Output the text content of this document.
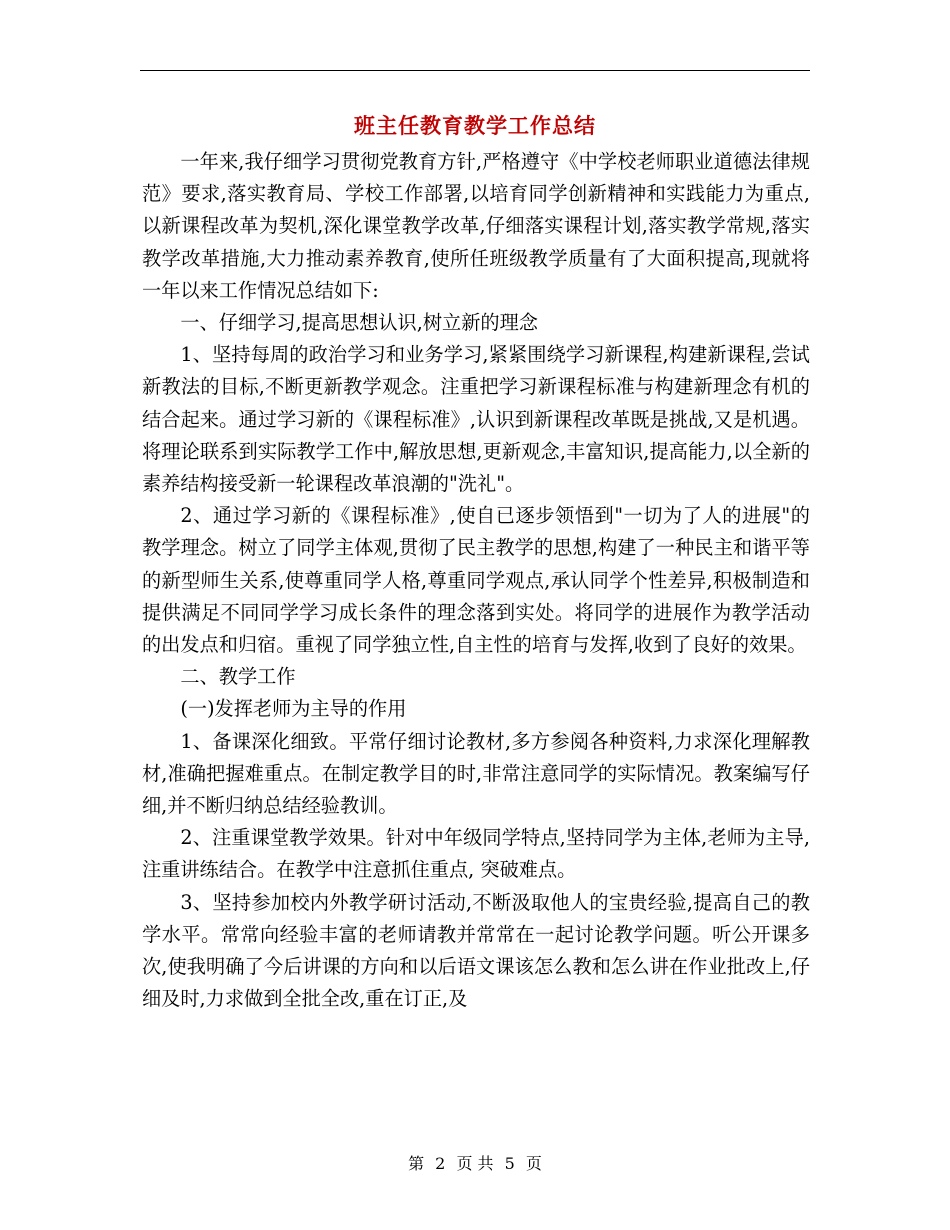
班主任教育教学工作总结

一年来,我仔细学习贯彻党教育方针,严格遵守《中学校老师职业道德法律规范》要求,落实教育局、学校工作部署,以培育同学创新精神和实践能力为重点,以新课程改革为契机,深化课堂教学改革,仔细落实课程计划,落实教学常规,落实教学改革措施,大力推动素养教育,使所任班级教学质量有了大面积提高,现就将一年以来工作情况总结如下:

一、仔细学习,提高思想认识,树立新的理念

1、坚持每周的政治学习和业务学习,紧紧围绕学习新课程,构建新课程,尝试新教法的目标,不断更新教学观念。注重把学习新课程标准与构建新理念有机的结合起来。通过学习新的《课程标准》,认识到新课程改革既是挑战,又是机遇。将理论联系到实际教学工作中,解放思想,更新观念,丰富知识,提高能力,以全新的素养结构接受新一轮课程改革浪潮的"洗礼"。

2、通过学习新的《课程标准》,使自已逐步领悟到"一切为了人的进展"的教学理念。树立了同学主体观,贯彻了民主教学的思想,构建了一种民主和谐平等的新型师生关系,使尊重同学人格,尊重同学观点,承认同学个性差异,积极制造和提供满足不同同学学习成长条件的理念落到实处。将同学的进展作为教学活动的出发点和归宿。重视了同学独立性,自主性的培育与发挥,收到了良好的效果。

二、教学工作

(一)发挥老师为主导的作用

1、备课深化细致。平常仔细讨论教材,多方参阅各种资料,力求深化理解教材,准确把握难重点。在制定教学目的时,非常注意同学的实际情况。教案编写仔细,并不断归纳总结经验教训。

2、注重课堂教学效果。针对中年级同学特点,坚持同学为主体,老师为主导,注重讲练结合。在教学中注意抓住重点, 突破难点。

3、坚持参加校内外教学研讨活动,不断汲取他人的宝贵经验,提高自己的教学水平。常常向经验丰富的老师请教并常常在一起讨论教学问题。听公开课多次,使我明确了今后讲课的方向和以后语文课该怎么教和怎么讲在作业批改上,仔细及时,力求做到全批全改,重在订正,及

第 2 页 共 5 页
